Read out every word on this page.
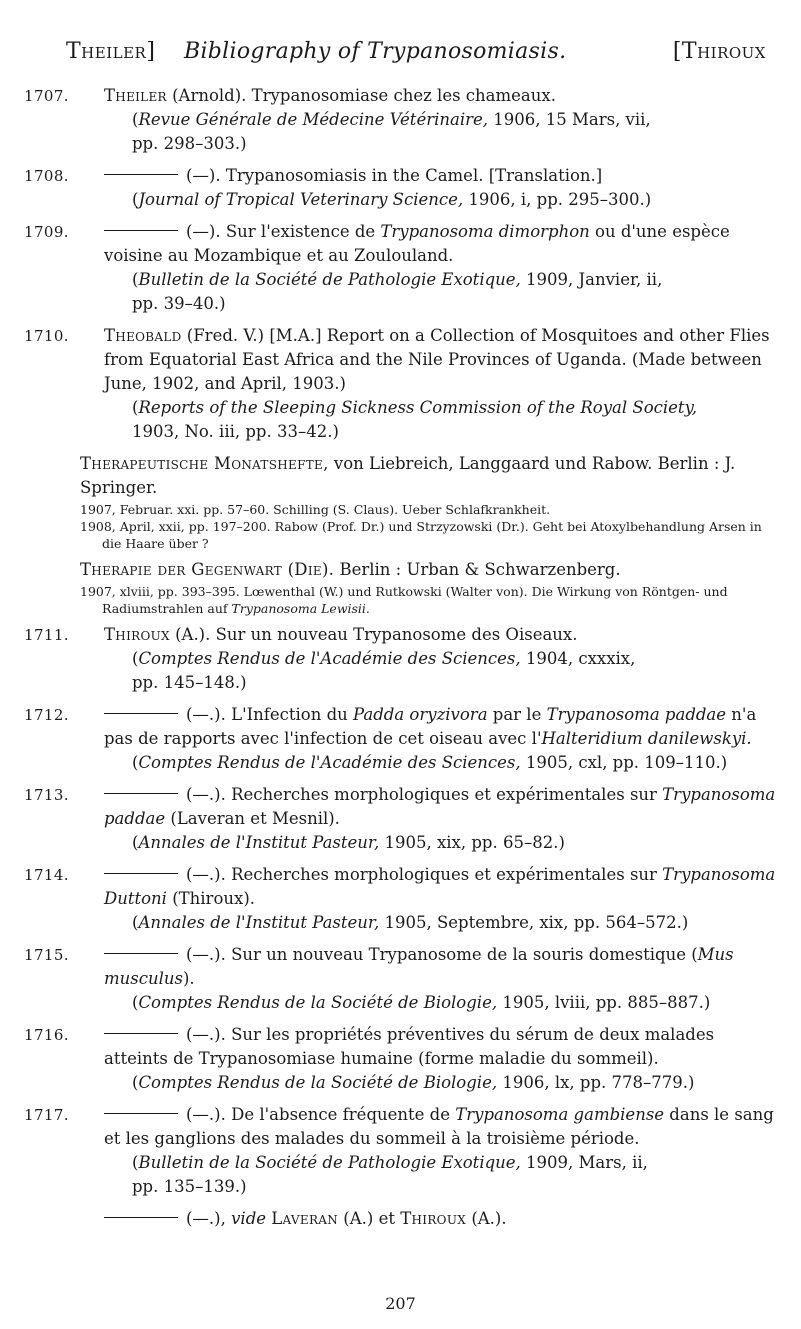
Theiler] Bibliography of Trypanosomiasis.	[Thiroux
1707. Theiler (Arnold). Trypanosomiase chez les chameaux.
(Revue Générale de Médecine Vétérinaire, 1906, 15 Mars, vii,
pp. 298–303.)
1708.	(—). Trypanosomiasis in the Camel. [Translation.]
(Journal of Tropical Veterinary Science, 1906, i, pp. 295–300.)
1709.	(—). Sur l'existence de Trypanosoma dimorphon ou d'une espèce voisine au Mozambique et au Zoulouland.
(Bulletin de la Société de Pathologie Exotique, 1909, Janvier, ii,
pp. 39–40.)
1710. Theobald (Fred. V.) [M.A.] Report on a Collection of Mosquitoes and other Flies from Equatorial East Africa and the Nile Provinces of Uganda. (Made between June, 1902, and April, 1903.)
(Reports of the Sleeping Sickness Commission of the Royal Society,
1903, No. iii, pp. 33–42.)
Therapeutische Monatshefte, von Liebreich, Langgaard und Rabow. Berlin : J. Springer.
1907, Februar. xxi. pp. 57–60. Schilling (S. Claus). Ueber Schlafkrankheit.
1908, April, xxii, pp. 197–200. Rabow (Prof. Dr.) und Strzyzowski (Dr.). Geht bei Atoxylbehandlung Arsen in die Haare über ?
Therapie der Gegenwart (Die). Berlin : Urban & Schwarzenberg.
1907, xlviii, pp. 393–395. Lœwenthal (W.) und Rutkowski (Walter von). Die Wirkung von Röntgen- und Radiumstrahlen auf Trypanosoma Lewisii.
1711. Thiroux (A.). Sur un nouveau Trypanosome des Oiseaux.
(Comptes Rendus de l'Académie des Sciences, 1904, cxxxix,
pp. 145–148.)
1712.	(—.). L'Infection du Padda oryzivora par le Trypanosoma paddae n'a pas de rapports avec l'infection de cet oiseau avec l'Halteridium danilewskyi.
(Comptes Rendus de l'Académie des Sciences, 1905, cxl, pp. 109–110.)
1713.	(—.). Recherches morphologiques et expérimentales sur Trypanosoma paddae (Laveran et Mesnil).
(Annales de l'Institut Pasteur, 1905, xix, pp. 65–82.)
1714.	(—.). Recherches morphologiques et expérimentales sur Trypanosoma Duttoni (Thiroux).
(Annales de l'Institut Pasteur, 1905, Septembre, xix, pp. 564–572.)
1715.	(—.). Sur un nouveau Trypanosome de la souris domestique (Mus musculus).
(Comptes Rendus de la Société de Biologie, 1905, lviii, pp. 885–887.)
1716.	(—.). Sur les propriétés préventives du sérum de deux malades atteints de Trypanosomiase humaine (forme maladie du sommeil).
(Comptes Rendus de la Société de Biologie, 1906, lx, pp. 778–779.)
1717.	(—.). De l'absence fréquente de Trypanosoma gambiense dans le sang et les ganglions des malades du sommeil à la troisième période.
(Bulletin de la Société de Pathologie Exotique, 1909, Mars, ii,
pp. 135–139.)
(—.), vide Laveran (A.) et Thiroux (A.).
207
